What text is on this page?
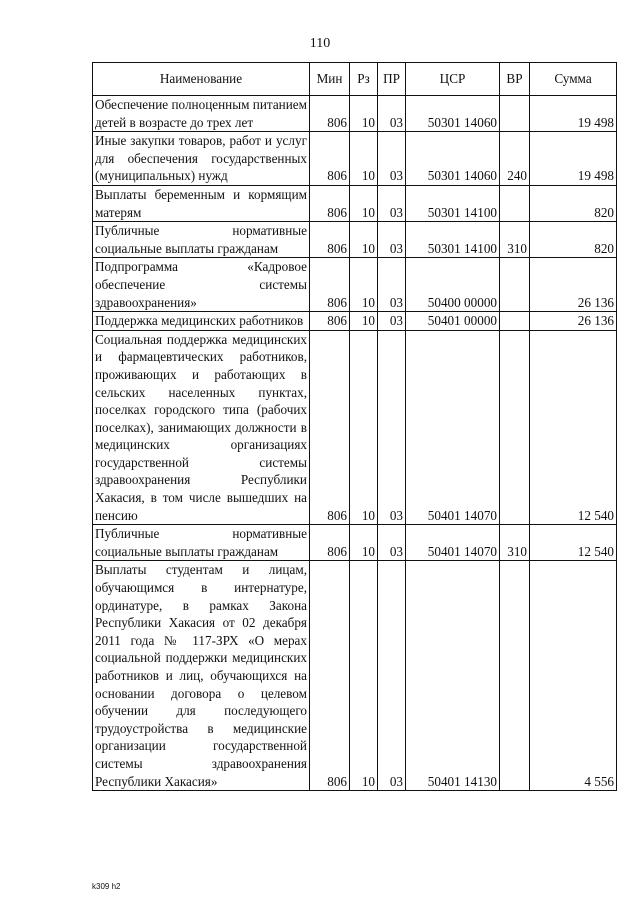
110
Наименование	Мин	Рз	ПР	ЦСР	ВР	Сумма
Обеспечение полноценным питанием детей в возрасте до трех лет	806	10	03	50301 14060		19 498
Иные закупки товаров, работ и услуг для обеспечения государственных (муниципальных) нужд	806	10	03	50301 14060	240	19 498
Выплаты беременным и кормящим матерям	806	10	03	50301 14100		820
Публичные нормативные социальные выплаты гражданам	806	10	03	50301 14100	310	820
Подпрограмма «Кадровое обеспечение системы здравоохранения»	806	10	03	50400 00000		26 136
Поддержка медицинских работников	806	10	03	50401 00000		26 136
Социальная поддержка медицинских и фармацевтических работников, проживающих и работающих в сельских населенных пунктах, поселках городского типа (рабочих поселках), занимающих должности в медицинских организациях государственной системы здравоохранения Республики Хакасия, в том числе вышедших на пенсию	806	10	03	50401 14070		12 540
Публичные нормативные социальные выплаты гражданам	806	10	03	50401 14070	310	12 540
Выплаты студентам и лицам, обучающимся в интернатуре, ординатуре, в рамках Закона Республики Хакасия от 02 декабря 2011 года № 117-ЗРХ «О мерах социальной поддержки медицинских работников и лиц, обучающихся на основании договора о целевом обучении для последующего трудоустройства в медицинские организации государственной системы здравоохранения Республики Хакасия»	806	10	03	50401 14130		4 556
k309 h2
